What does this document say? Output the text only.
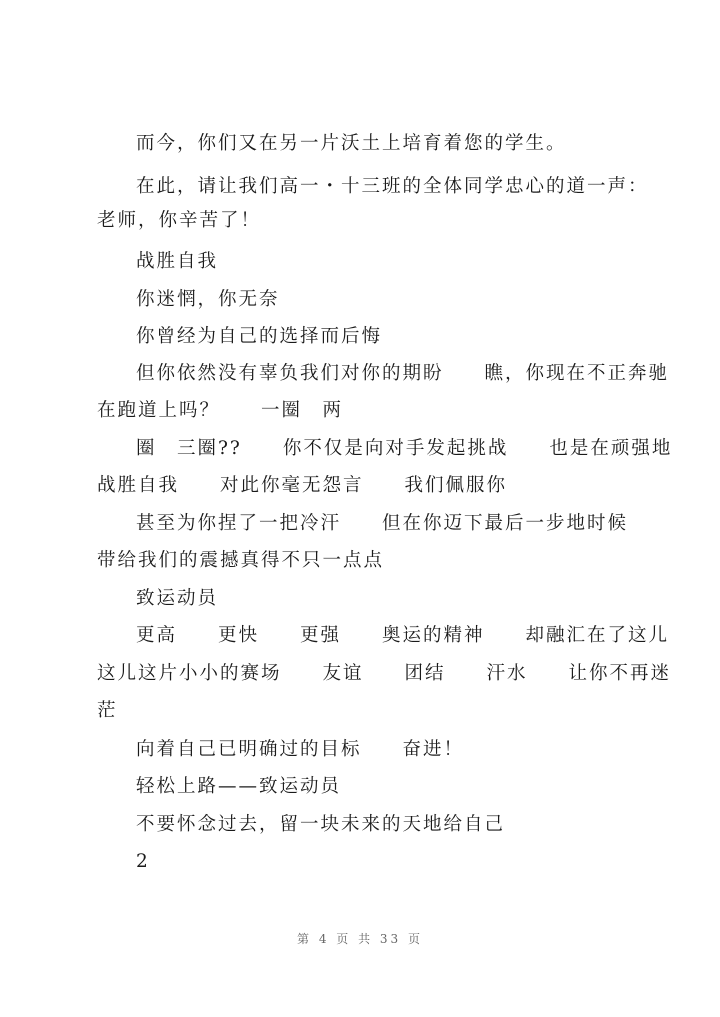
而今，你们又在另一片沃土上培育着您的学生。
在此，请让我们高一・十三班的全体同学忠心的道一声：
老师，你辛苦了！
战胜自我
你迷惘，你无奈
你曾经为自己的选择而后悔
但你依然没有辜负我们对你的期盼　　瞧，你现在不正奔驰
在跑道上吗？　　一圈　两
圈　三圈??　　你不仅是向对手发起挑战　　也是在顽强地
战胜自我　　对此你毫无怨言　　我们佩服你
甚至为你捏了一把冷汗　　但在你迈下最后一步地时候
带给我们的震撼真得不只一点点
致运动员
更高　　更快　　更强　　奥运的精神　　却融汇在了这儿
这儿这片小小的赛场　　友谊　　团结　　汗水　　让你不再迷
茫
向着自己已明确过的目标　　奋进！
轻松上路——致运动员
不要怀念过去，留一块未来的天地给自己
2
第 4 页 共 33 页
